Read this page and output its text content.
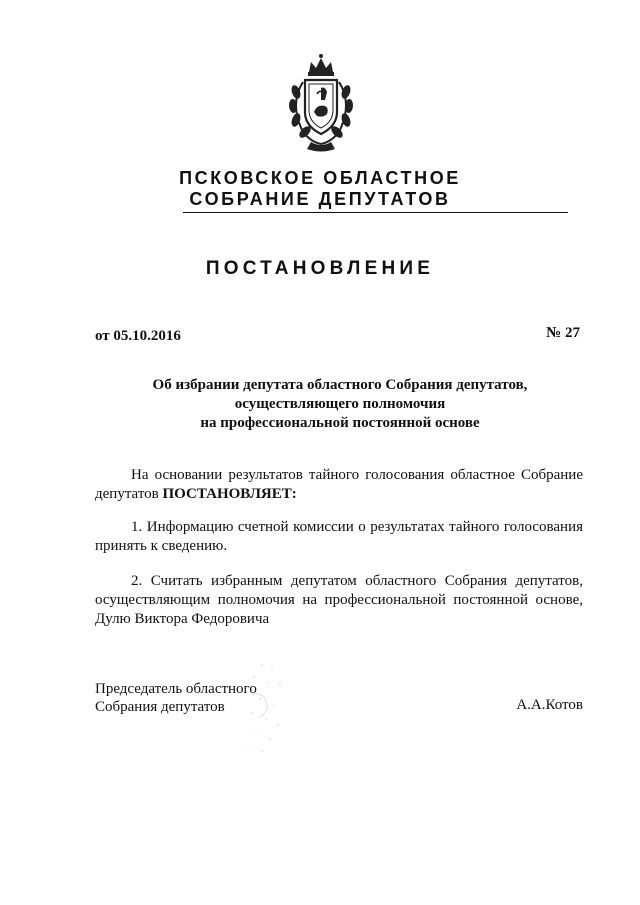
ПСКОВСКОЕ ОБЛАСТНОЕ
СОБРАНИЕ ДЕПУТАТОВ
ПОСТАНОВЛЕНИЕ
от 05.10.2016	№ 27
Об избрании депутата областного Собрания депутатов,
осуществляющего полномочия
на профессиональной постоянной основе
На основании результатов тайного голосования областное Собрание депутатов ПОСТАНОВЛЯЕТ:
1. Информацию счетной комиссии о результатах тайного голосования принять к сведению.
2. Считать избранным депутатом областного Собрания депутатов, осуществляющим полномочия на профессиональной постоянной основе, Дулю Виктора Федоровича
Председатель областного
Собрания депутатов	А.А.Котов
